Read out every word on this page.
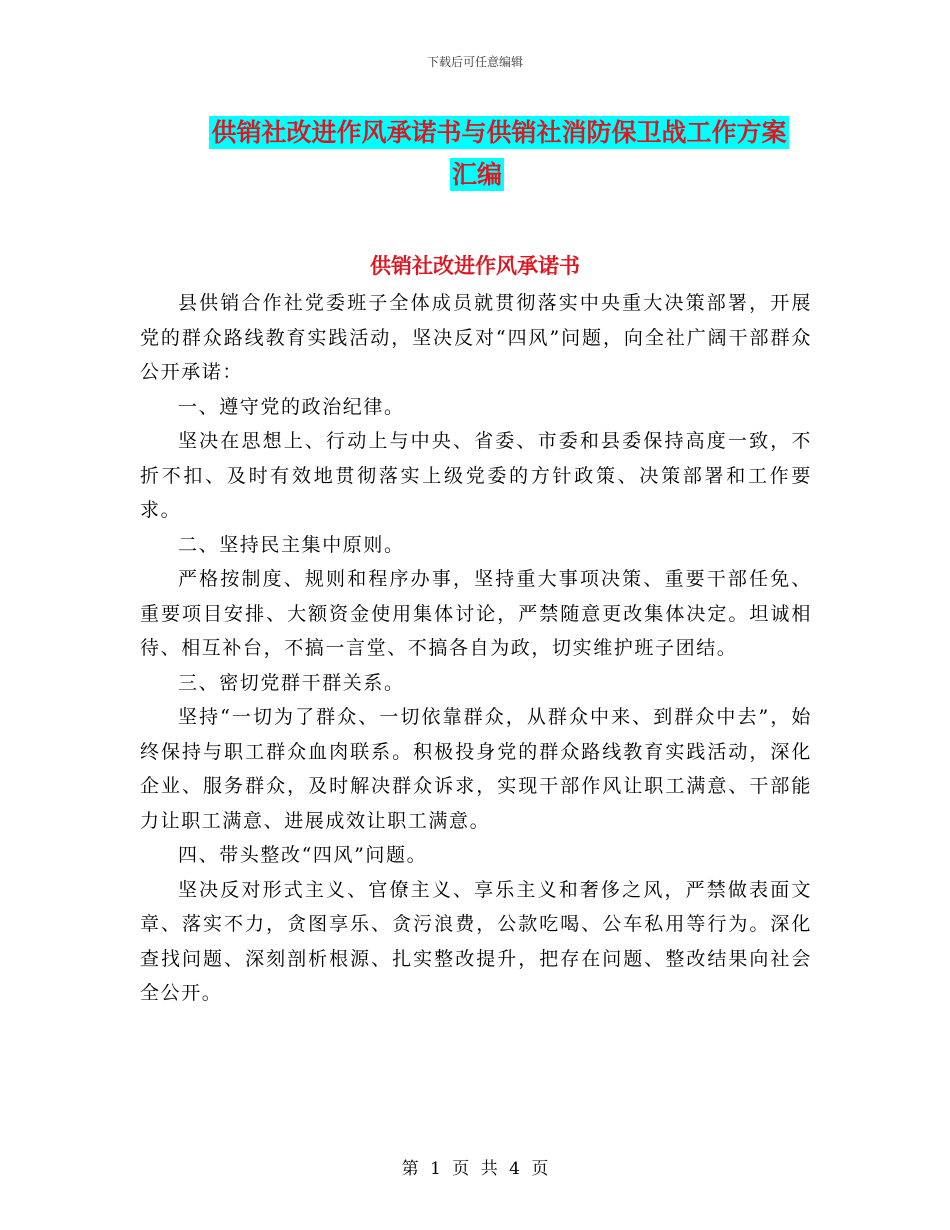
下载后可任意编辑
供销社改进作风承诺书与供销社消防保卫战工作方案
汇编
供销社改进作风承诺书

县供销合作社党委班子全体成员就贯彻落实中央重大决策部署，开展党的群众路线教育实践活动，坚决反对“四风”问题，向全社广阔干部群众公开承诺：

一、遵守党的政治纪律。

坚决在思想上、行动上与中央、省委、市委和县委保持高度一致，不折不扣、及时有效地贯彻落实上级党委的方针政策、决策部署和工作要求。

二、坚持民主集中原则。

严格按制度、规则和程序办事，坚持重大事项决策、重要干部任免、重要项目安排、大额资金使用集体讨论，严禁随意更改集体决定。坦诚相待、相互补台，不搞一言堂、不搞各自为政，切实维护班子团结。

三、密切党群干群关系。

坚持“一切为了群众、一切依靠群众，从群众中来、到群众中去”，始终保持与职工群众血肉联系。积极投身党的群众路线教育实践活动，深化企业、服务群众，及时解决群众诉求，实现干部作风让职工满意、干部能力让职工满意、进展成效让职工满意。

四、带头整改“四风”问题。

坚决反对形式主义、官僚主义、享乐主义和奢侈之风，严禁做表面文章、落实不力，贪图享乐、贪污浪费，公款吃喝、公车私用等行为。深化查找问题、深刻剖析根源、扎实整改提升，把存在问题、整改结果向社会全公开。

第 1 页 共 4 页
